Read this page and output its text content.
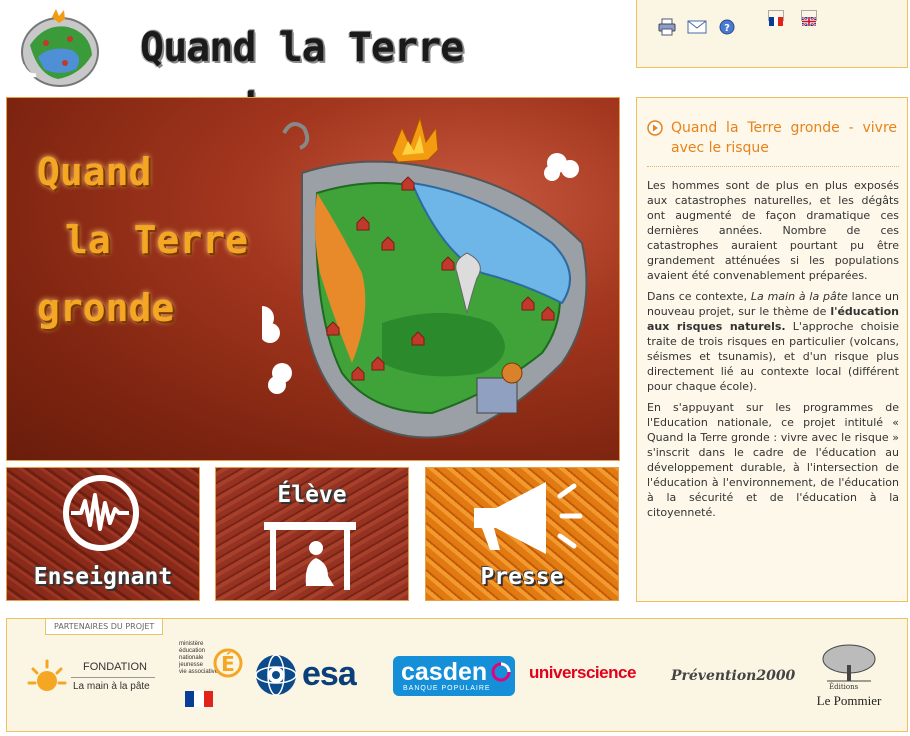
Quand la Terre	?
Quand
la Terre
gronde
Enseignant
Élève
Presse
Quand la Terre gronde - vivre avec le risque

Les hommes sont de plus en plus exposés aux catastrophes naturelles, et les dégâts ont augmenté de façon dramatique ces dernières années. Nombre de ces catastrophes auraient pourtant pu être grandement atténuées si les populations avaient été convenablement préparées.

Dans ce contexte, La main à la pâte lance un nouveau projet, sur le thème de l'éducation aux risques naturels. L'approche choisie traite de trois risques en particulier (volcans, séismes et tsunamis), et d'un risque plus directement lié au contexte local (différent pour chaque école).

En s'appuyant sur les programmes de l'Education nationale, ce projet intitulé « Quand la Terre gronde : vivre avec le risque » s'inscrit dans le cadre de l'éducation au développement durable, à l'intersection de l'éducation à l'environnement, de l'éducation à la sécurité et de l'éducation à la citoyenneté.

PARTENAIRES DU PROJET
FONDATION
La main à la pâte
ministère
éducation
nationale
jeunesse
vie associative É esa casden
BANQUE POPULAIRE
universcience	Prévention2000
Éditions
Le Pommier
